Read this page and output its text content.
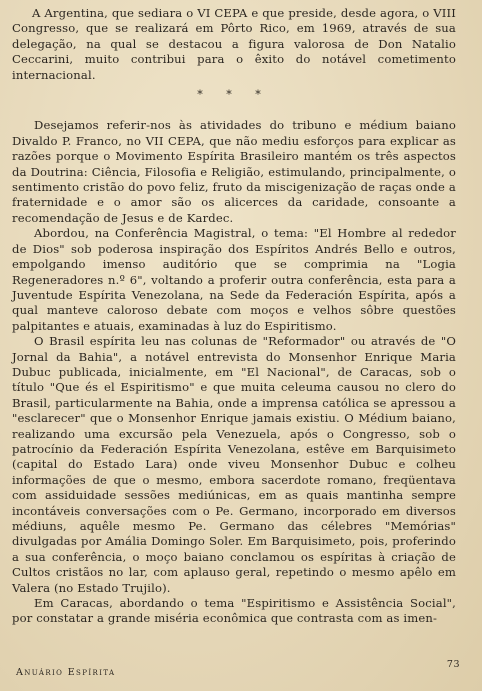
A Argentina, que sediara o VI CEPA e que preside, desde agora, o VIII Congresso, que se realizará em Pôrto Rico, em 1969, através de sua delegação, na qual se destacou a figura valorosa de Don Natalio Ceccarini, muito contribui para o êxito do notável cometimento internacional.

* * *

Desejamos referir-nos às atividades do tribuno e médium baiano Divaldo P. Franco, no VII CEPA, que não mediu esforços para explicar as razões porque o Movimento Espírita Brasileiro mantém os três aspectos da Doutrina: Ciência, Filosofia e Religião, estimulando, principalmente, o sentimento cristão do povo feliz, fruto da miscigenização de raças onde a fraternidade e o amor são os alicerces da caridade, consoante a recomendação de Jesus e de Kardec.

Abordou, na Conferência Magistral, o tema: "El Hombre al rededor de Dios" sob poderosa inspiração dos Espíritos Andrés Bello e outros, empolgando imenso auditório que se comprimia na "Logia Regeneradores n.º 6", voltando a proferir outra conferência, esta para a Juventude Espírita Venezolana, na Sede da Federación Espírita, após a qual manteve caloroso debate com moços e velhos sôbre questões palpitantes e atuais, examinadas à luz do Espiritismo.

O Brasil espírita leu nas colunas de "Reformador" ou através de "O Jornal da Bahia", a notável entrevista do Monsenhor Enrique Maria Dubuc publicada, inicialmente, em "El Nacional", de Caracas, sob o título "Que és el Espiritismo" e que muita celeuma causou no clero do Brasil, particularmente na Bahia, onde a imprensa católica se apressou a "esclarecer" que o Monsenhor Enrique jamais existiu. O Médium baiano, realizando uma excursão pela Venezuela, após o Congresso, sob o patrocínio da Federación Espírita Venezolana, estêve em Barquisimeto (capital do Estado Lara) onde viveu Monsenhor Dubuc e colheu informações de que o mesmo, embora sacerdote romano, freqüentava com assiduidade sessões mediúnicas, em as quais mantinha sempre incontáveis conversações com o Pe. Germano, incorporado em diversos médiuns, aquêle mesmo Pe. Germano das célebres "Memórias" divulgadas por Amália Domingo Soler. Em Barquisimeto, pois, proferindo a sua conferência, o moço baiano conclamou os espíritas à criação de Cultos cristãos no lar, com aplauso geral, repetindo o mesmo apêlo em Valera (no Estado Trujilo).

Em Caracas, abordando o tema "Espiritismo e Assistência Social", por constatar a grande miséria econômica que contrasta com as imen-

Anuário Espírita
73
